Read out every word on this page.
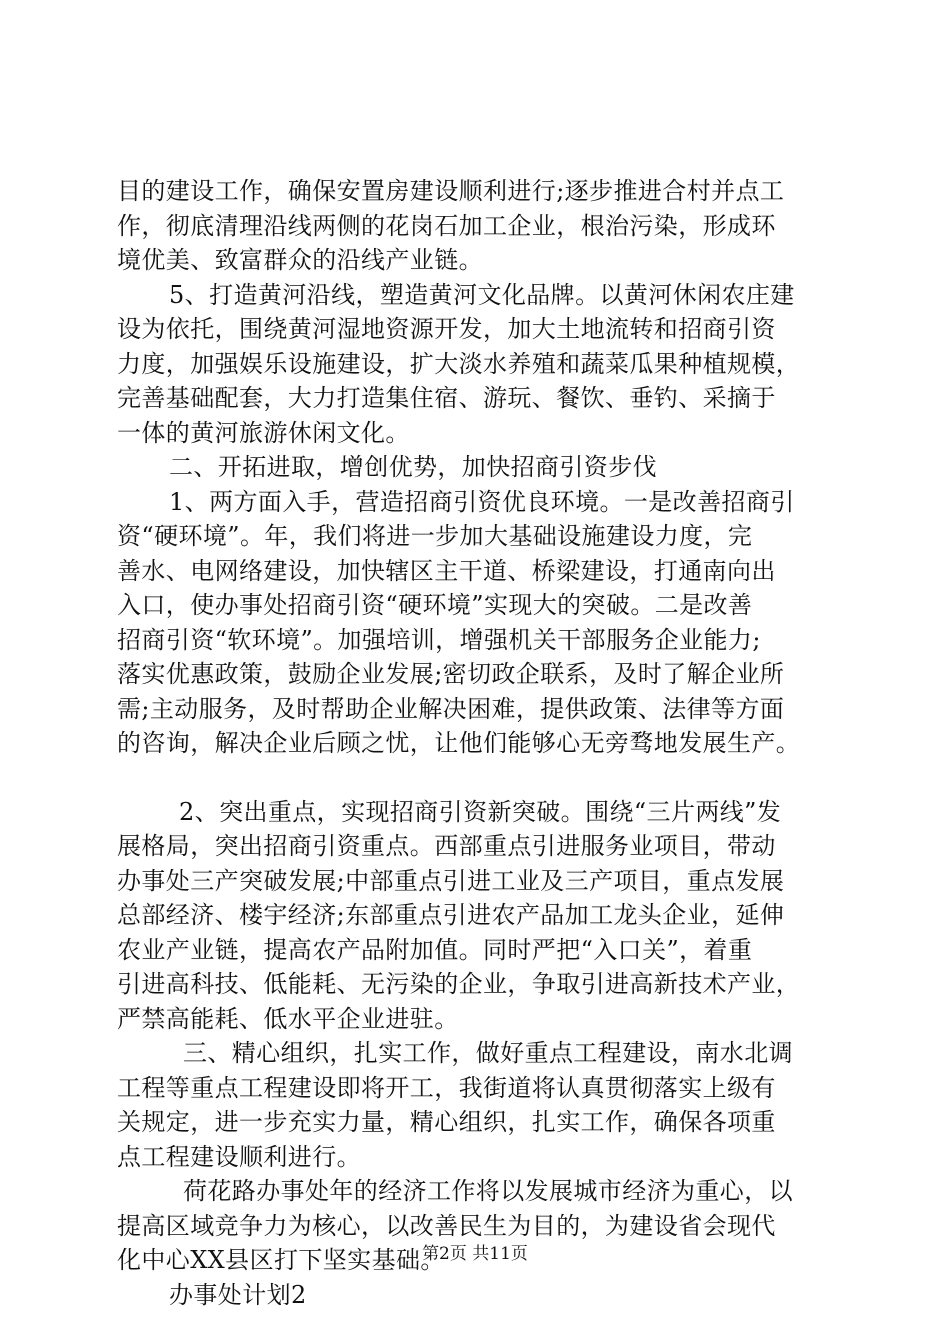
目的建设工作，确保安置房建设顺利进行;逐步推进合村并点工
作，彻底清理沿线两侧的花岗石加工企业，根治污染，形成环
境优美、致富群众的沿线产业链。
5、打造黄河沿线，塑造黄河文化品牌。以黄河休闲农庄建
设为依托，围绕黄河湿地资源开发，加大土地流转和招商引资
力度，加强娱乐设施建设，扩大淡水养殖和蔬菜瓜果种植规模，
完善基础配套，大力打造集住宿、游玩、餐饮、垂钓、采摘于
一体的黄河旅游休闲文化。
二、开拓进取，增创优势，加快招商引资步伐
1、两方面入手，营造招商引资优良环境。一是改善招商引
资“硬环境”。年，我们将进一步加大基础设施建设力度，完
善水、电网络建设，加快辖区主干道、桥梁建设，打通南向出
入口，使办事处招商引资“硬环境”实现大的突破。二是改善
招商引资“软环境”。加强培训，增强机关干部服务企业能力;
落实优惠政策，鼓励企业发展;密切政企联系，及时了解企业所
需;主动服务，及时帮助企业解决困难，提供政策、法律等方面
的咨询，解决企业后顾之忧，让他们能够心无旁骛地发展生产。
2、突出重点，实现招商引资新突破。围绕“三片两线”发
展格局，突出招商引资重点。西部重点引进服务业项目，带动
办事处三产突破发展;中部重点引进工业及三产项目，重点发展
总部经济、楼宇经济;东部重点引进农产品加工龙头企业，延伸
农业产业链，提高农产品附加值。同时严把“入口关”，着重
引进高科技、低能耗、无污染的企业，争取引进高新技术产业，
严禁高能耗、低水平企业进驻。
三、精心组织，扎实工作，做好重点工程建设，南水北调
工程等重点工程建设即将开工，我街道将认真贯彻落实上级有
关规定，进一步充实力量，精心组织，扎实工作，确保各项重
点工程建设顺利进行。
荷花路办事处年的经济工作将以发展城市经济为重心，以
提高区域竞争力为核心，以改善民生为目的，为建设省会现代
化中心XX县区打下坚实基础。
办事处计划2
第2页 共11页
